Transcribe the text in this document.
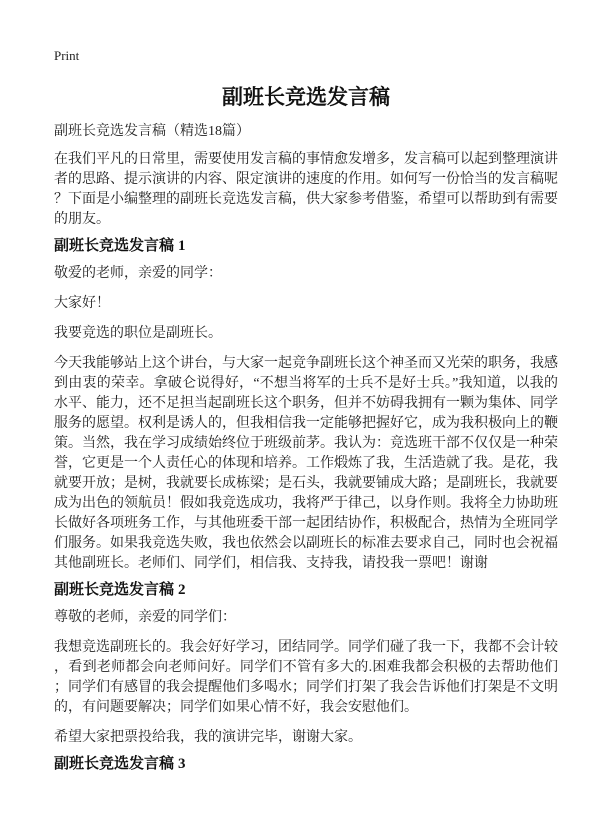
Print
副班长竞选发言稿

副班长竞选发言稿（精选18篇）

在我们平凡的日常里，需要使用发言稿的事情愈发增多，发言稿可以起到整理演讲者的思路、提示演讲的内容、限定演讲的速度的作用。如何写一份恰当的发言稿呢？下面是小编整理的副班长竞选发言稿，供大家参考借鉴，希望可以帮助到有需要的朋友。

副班长竞选发言稿 1

敬爱的老师，亲爱的同学：

大家好！

我要竞选的职位是副班长。

今天我能够站上这个讲台，与大家一起竞争副班长这个神圣而又光荣的职务，我感到由衷的荣幸。拿破仑说得好，“不想当将军的士兵不是好士兵。”我知道，以我的水平、能力，还不足担当起副班长这个职务，但并不妨碍我拥有一颗为集体、同学服务的愿望。权利是诱人的，但我相信我一定能够把握好它，成为我积极向上的鞭策。当然，我在学习成绩始终位于班级前茅。我认为：竞选班干部不仅仅是一种荣誉，它更是一个人责任心的体现和培养。工作煅炼了我，生活造就了我。是花，我就要开放；是树，我就要长成栋梁；是石头，我就要铺成大路；是副班长，我就要成为出色的领航员！假如我竞选成功，我将严于律己，以身作则。我将全力协助班长做好各项班务工作，与其他班委干部一起团结协作，积极配合，热情为全班同学们服务。如果我竞选失败，我也依然会以副班长的标准去要求自己，同时也会祝福其他副班长。老师们、同学们，相信我、支持我，请投我一票吧！谢谢

副班长竞选发言稿 2

尊敬的老师，亲爱的同学们：

我想竞选副班长的。我会好好学习，团结同学。同学们碰了我一下，我都不会计较，看到老师都会向老师问好。同学们不管有多大的.困难我都会积极的去帮助他们；同学们有感冒的我会提醒他们多喝水；同学们打架了我会告诉他们打架是不文明的，有问题要解决；同学们如果心情不好，我会安慰他们。

希望大家把票投给我，我的演讲完毕，谢谢大家。

副班长竞选发言稿 3
